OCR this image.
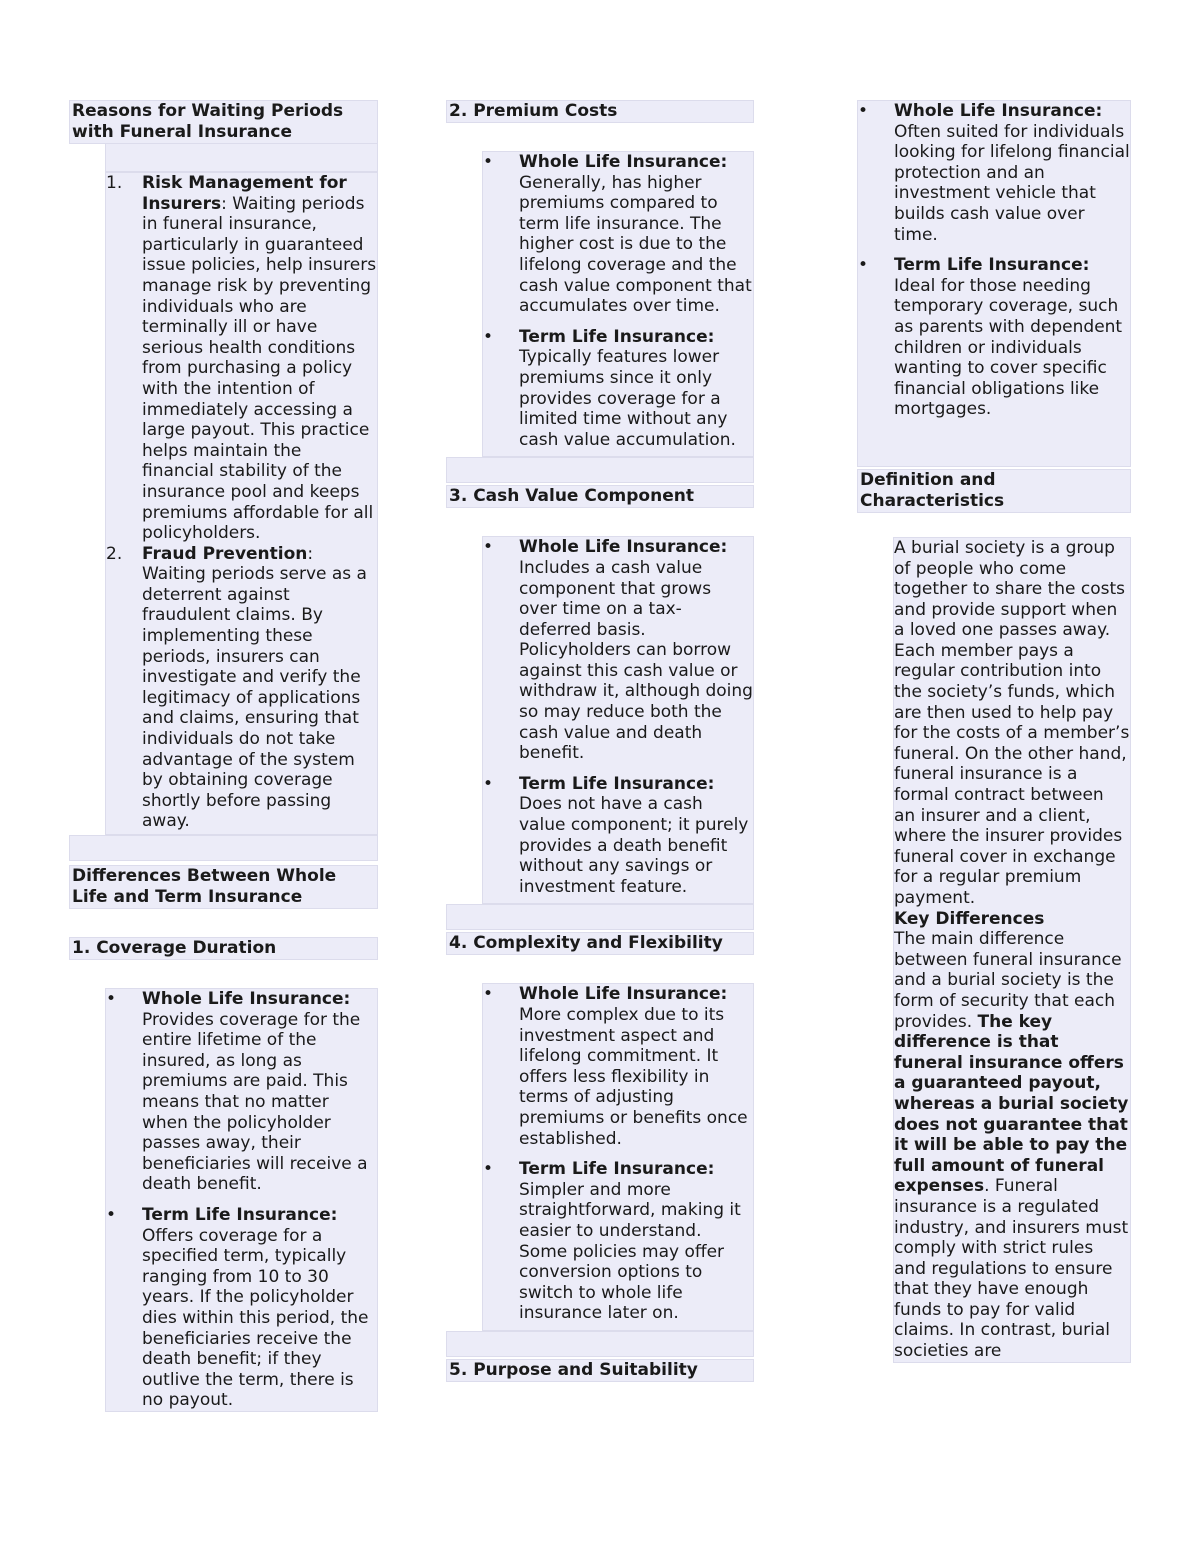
Reasons for Waiting Periods with Funeral Insurance
1.	Risk Management for Insurers: Waiting periods in funeral insurance, particularly in guaranteed issue policies, help insurers manage risk by preventing individuals who are terminally ill or have serious health conditions from purchasing a policy with the intention of immediately accessing a large payout. This practice helps maintain the financial stability of the insurance pool and keeps premiums affordable for all policyholders.
2.	Fraud Prevention: Waiting periods serve as a deterrent against fraudulent claims. By implementing these periods, insurers can investigate and verify the legitimacy of applications and claims, ensuring that individuals do not take advantage of the system by obtaining coverage shortly before passing away.
Differences Between Whole Life and Term Insurance
1. Coverage Duration
•	Whole Life Insurance: Provides coverage for the entire lifetime of the insured, as long as premiums are paid. This means that no matter when the policyholder passes away, their beneficiaries will receive a death benefit.
•	Term Life Insurance: Offers coverage for a specified term, typically ranging from 10 to 30 years. If the policyholder dies within this period, the beneficiaries receive the death benefit; if they outlive the term, there is no payout.
2. Premium Costs
•	Whole Life Insurance: Generally, has higher premiums compared to term life insurance. The higher cost is due to the lifelong coverage and the cash value component that accumulates over time.
•	Term Life Insurance: Typically features lower premiums since it only provides coverage for a limited time without any cash value accumulation.
3. Cash Value Component
•	Whole Life Insurance: Includes a cash value component that grows over time on a tax-deferred basis. Policyholders can borrow against this cash value or withdraw it, although doing so may reduce both the cash value and death benefit.
•	Term Life Insurance: Does not have a cash value component; it purely provides a death benefit without any savings or investment feature.
4. Complexity and Flexibility
•	Whole Life Insurance: More complex due to its investment aspect and lifelong commitment. It offers less flexibility in terms of adjusting premiums or benefits once established.
•	Term Life Insurance: Simpler and more straightforward, making it easier to understand. Some policies may offer conversion options to switch to whole life insurance later on.
5. Purpose and Suitability
•	Whole Life Insurance: Often suited for individuals looking for lifelong financial protection and an investment vehicle that builds cash value over time.
•	Term Life Insurance: Ideal for those needing temporary coverage, such as parents with dependent children or individuals wanting to cover specific financial obligations like mortgages.
Definition and Characteristics
A burial society is a group of people who come together to share the costs and provide support when a loved one passes away. Each member pays a regular contribution into the society’s funds, which are then used to help pay for the costs of a member’s funeral. On the other hand, funeral insurance is a formal contract between an insurer and a client, where the insurer provides funeral cover in exchange for a regular premium payment.
Key Differences
The main difference between funeral insurance and a burial society is the form of security that each provides. The key difference is that funeral insurance offers a guaranteed payout, whereas a burial society does not guarantee that it will be able to pay the full amount of funeral expenses. Funeral insurance is a regulated industry, and insurers must comply with strict rules and regulations to ensure that they have enough funds to pay for valid claims. In contrast, burial societies are
